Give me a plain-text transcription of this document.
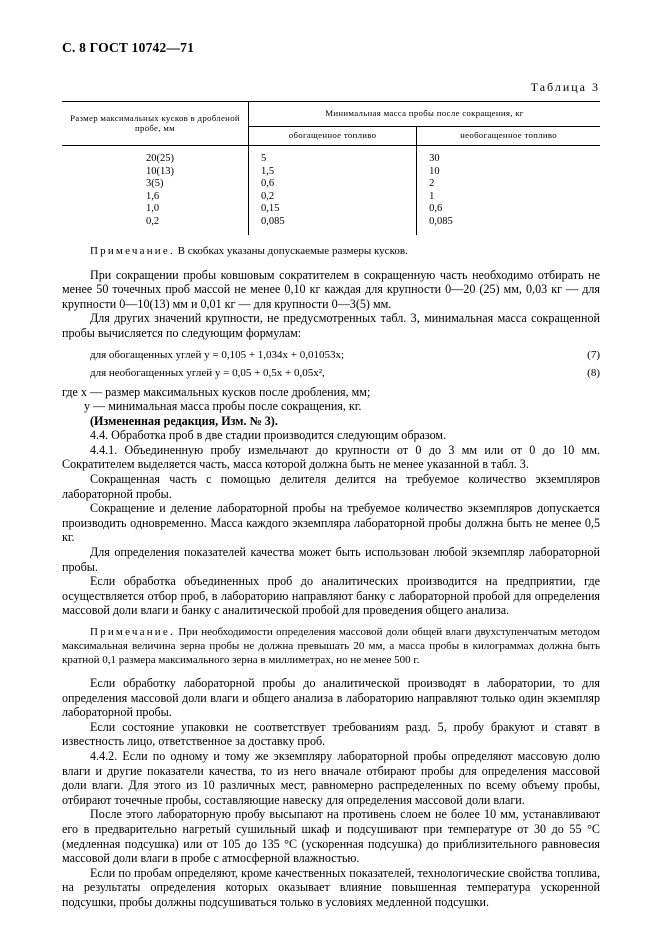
С. 8 ГОСТ 10742—71
Таблица 3
Размер максимальных кусков в дробленой пробе, мм	Минимальная масса пробы после сокращения, кг	
	обогащенное топливо	необогащенное топливо
20(25)	5	30
10(13)	1,5	10
3(5)	0,6	2
1,6	0,2	1
1,0	0,15	0,6
0,2	0,085	0,085

Примечание. В скобках указаны допускаемые размеры кусков.

При сокращении пробы ковшовым сократителем в сокращенную часть необходимо отбирать не менее 50 точечных проб массой не менее 0,10 кг каждая для крупности 0—20 (25) мм, 0,03 кг — для крупности 0—10(13) мм и 0,01 кг — для крупности 0—3(5) мм.

Для других значений крупности, не предусмотренных табл. 3, минимальная масса сокращенной пробы вычисляется по следующим формулам:

для обогащенных углей y = 0,105 + 1,034x + 0,01053x;	(7)
для необогащенных углей y = 0,05 + 0,5x + 0,05x²,	(8)

где x — размер максимальных кусков после дробления, мм;

y — минимальная масса пробы после сокращения, кг.

(Измененная редакция, Изм. № 3).

4.4. Обработка проб в две стадии производится следующим образом.

4.4.1. Объединенную пробу измельчают до крупности от 0 до 3 мм или от 0 до 10 мм. Сократителем выделяется часть, масса которой должна быть не менее указанной в табл. 3.

Сокращенная часть с помощью делителя делится на требуемое количество экземпляров лабораторной пробы.

Сокращение и деление лабораторной пробы на требуемое количество экземпляров допускается производить одновременно. Масса каждого экземпляра лабораторной пробы должна быть не менее 0,5 кг.

Для определения показателей качества может быть использован любой экземпляр лабораторной пробы.

Если обработка объединенных проб до аналитических производится на предприятии, где осуществляется отбор проб, в лабораторию направляют банку с лабораторной пробой для определения массовой доли влаги и банку с аналитической пробой для проведения общего анализа.

Примечание. При необходимости определения массовой доли общей влаги двухступенчатым методом максимальная величина зерна пробы не должна превышать 20 мм, а масса пробы в килограммах должна быть кратной 0,1 размера максимального зерна в миллиметрах, но не менее 500 г.

Если обработку лабораторной пробы до аналитической производят в лаборатории, то для определения массовой доли влаги и общего анализа в лабораторию направляют только один экземпляр лабораторной пробы.

Если состояние упаковки не соответствует требованиям разд. 5, пробу бракуют и ставят в известность лицо, ответственное за доставку проб.

4.4.2. Если по одному и тому же экземпляру лабораторной пробы определяют массовую долю влаги и другие показатели качества, то из него вначале отбирают пробы для определения массовой доли влаги. Для этого из 10 различных мест, равномерно распределенных по всему объему пробы, отбирают точечные пробы, составляющие навеску для определения массовой доли влаги.

После этого лабораторную пробу высыпают на противень слоем не более 10 мм, устанавливают его в предварительно нагретый сушильный шкаф и подсушивают при температуре от 30 до 55 °С (медленная подсушка) или от 105 до 135 °С (ускоренная подсушка) до приблизительного равновесия массовой доли влаги в пробе с атмосферной влажностью.

Если по пробам определяют, кроме качественных показателей, технологические свойства топлива, на результаты определения которых оказывает влияние повышенная температура ускоренной подсушки, пробы должны подсушиваться только в условиях медленной подсушки.
